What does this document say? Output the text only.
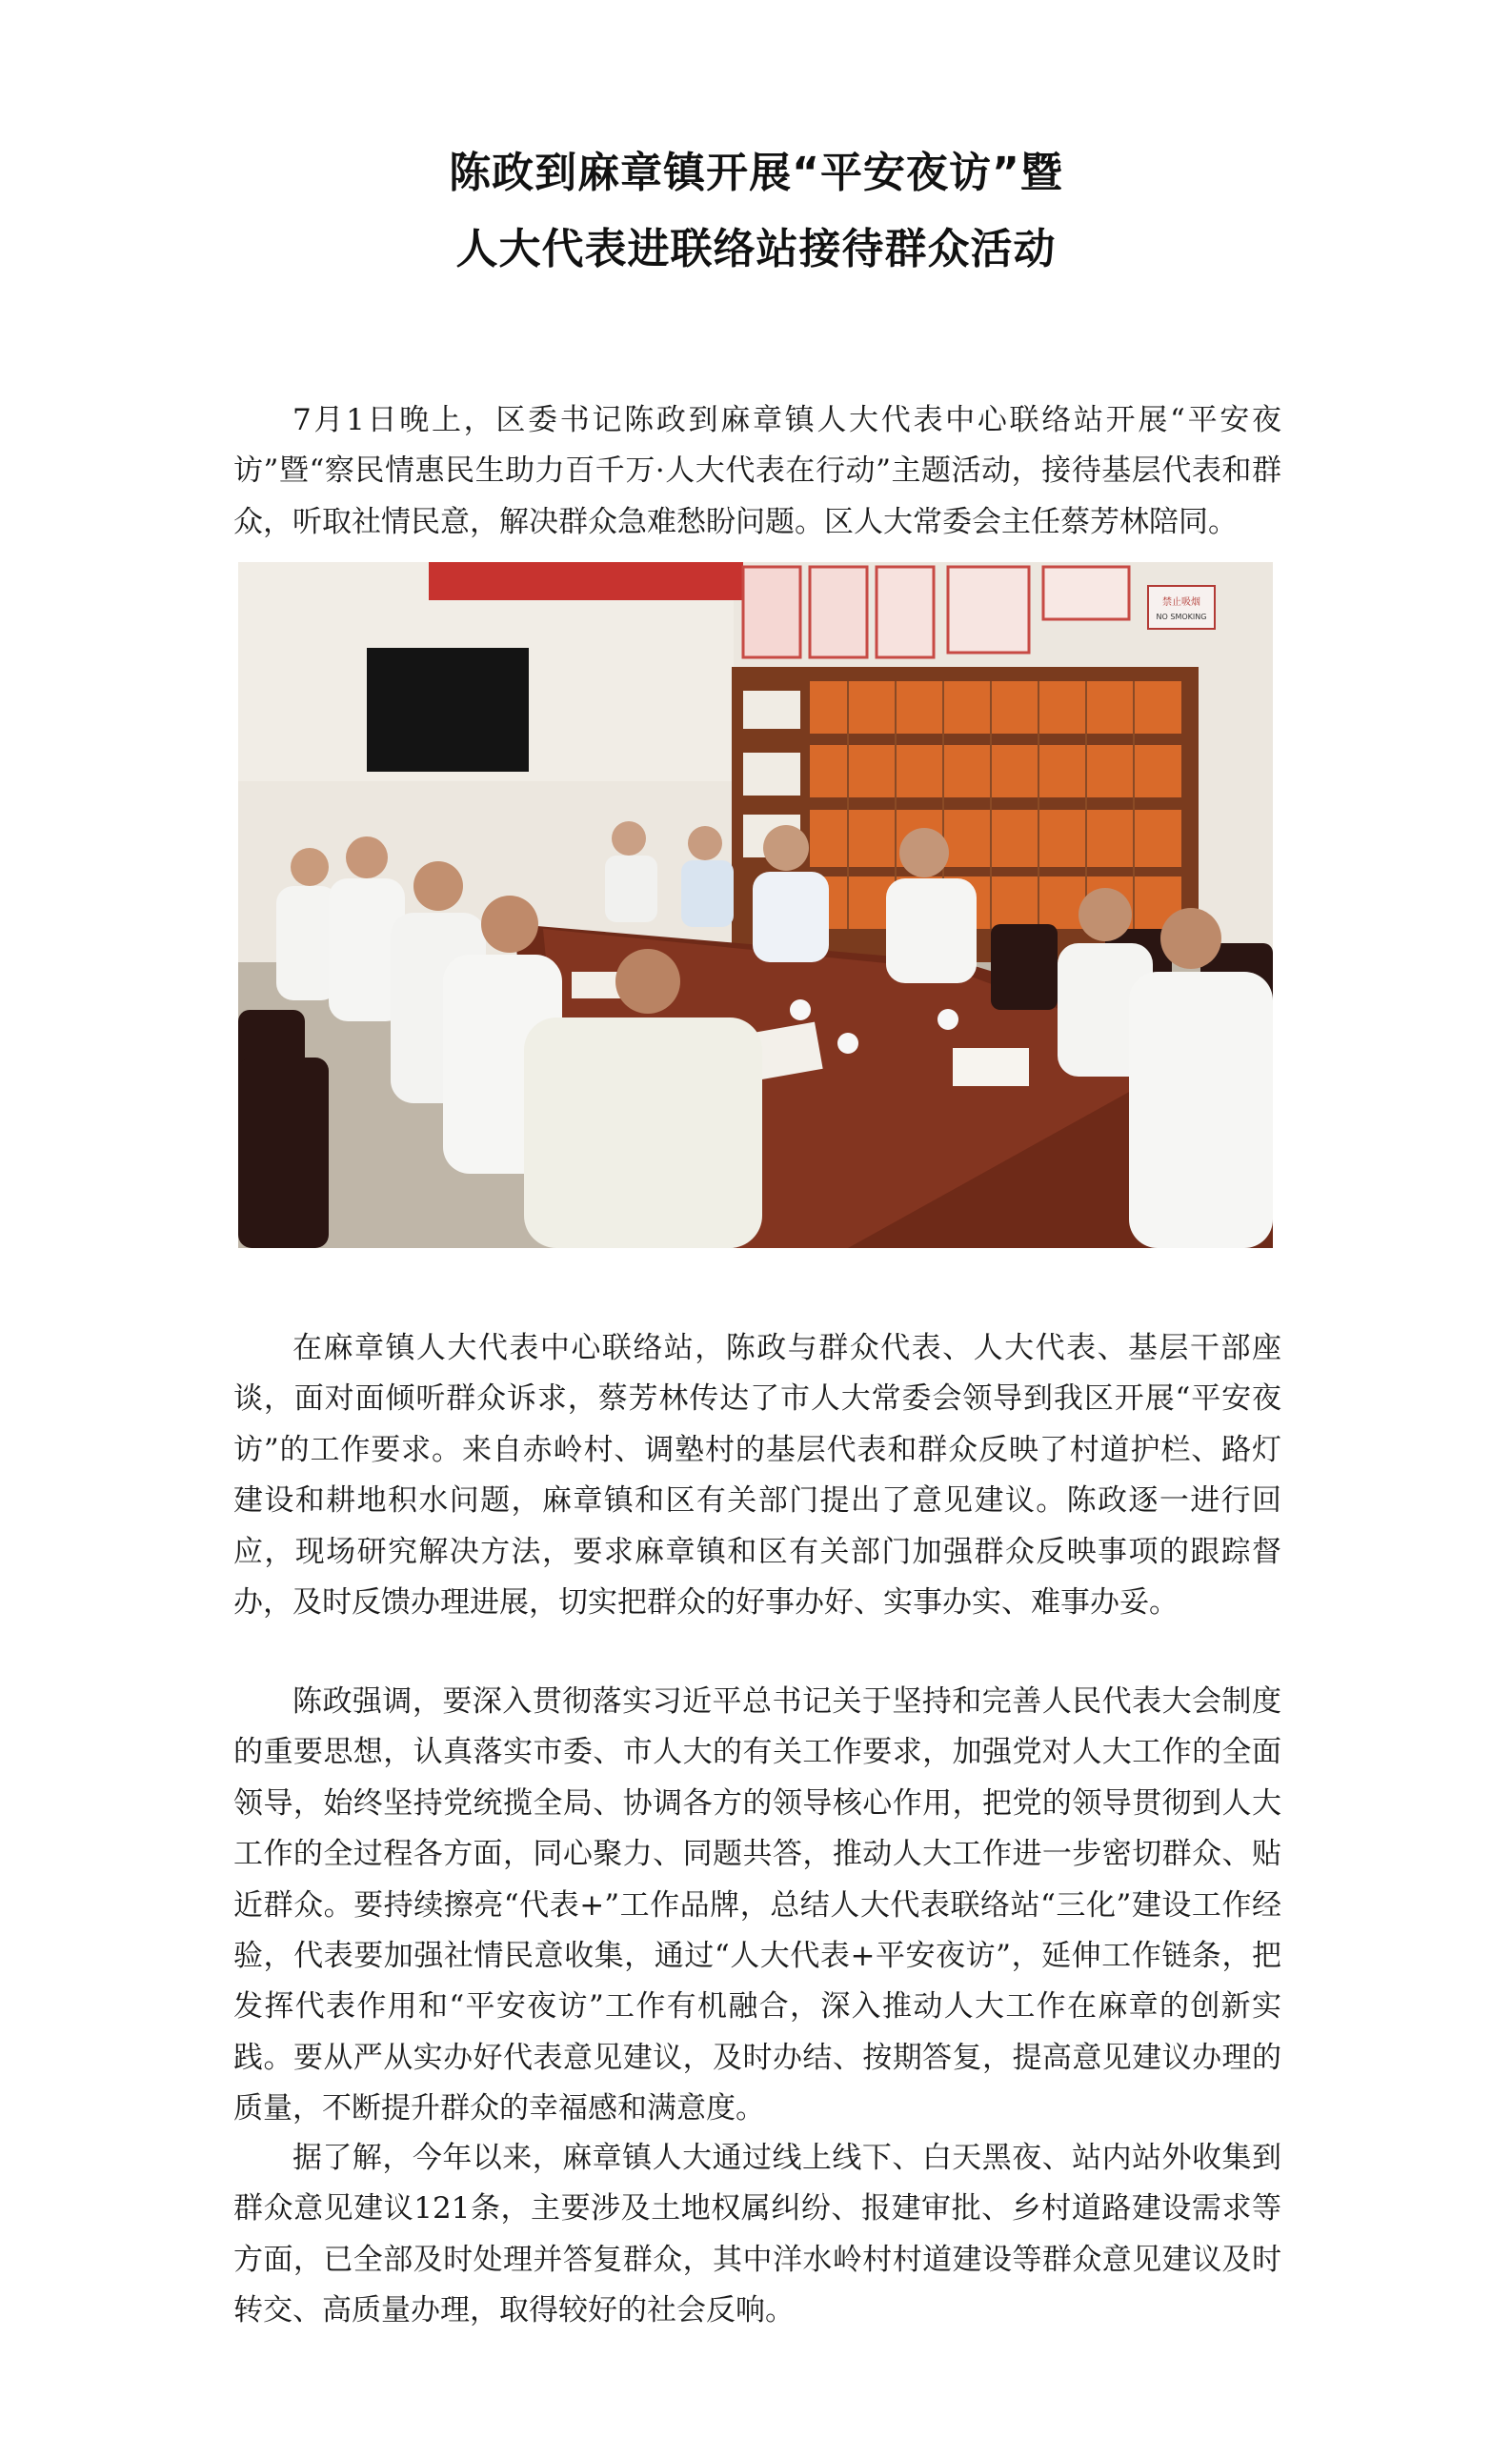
陈政到麻章镇开展“平安夜访”暨
人大代表进联络站接待群众活动

7月1日晚上，区委书记陈政到麻章镇人大代表中心联络站开展“平安夜访”暨“察民情惠民生助力百千万·人大代表在行动”主题活动，接待基层代表和群众，听取社情民意，解决群众急难愁盼问题。区人大常委会主任蔡芳林陪同。

禁止吸烟
NO SMOKING

在麻章镇人大代表中心联络站，陈政与群众代表、人大代表、基层干部座谈，面对面倾听群众诉求，蔡芳林传达了市人大常委会领导到我区开展“平安夜访”的工作要求。来自赤岭村、调塾村的基层代表和群众反映了村道护栏、路灯建设和耕地积水问题，麻章镇和区有关部门提出了意见建议。陈政逐一进行回应，现场研究解决方法，要求麻章镇和区有关部门加强群众反映事项的跟踪督办，及时反馈办理进展，切实把群众的好事办好、实事办实、难事办妥。

陈政强调，要深入贯彻落实习近平总书记关于坚持和完善人民代表大会制度的重要思想，认真落实市委、市人大的有关工作要求，加强党对人大工作的全面领导，始终坚持党统揽全局、协调各方的领导核心作用，把党的领导贯彻到人大工作的全过程各方面，同心聚力、同题共答，推动人大工作进一步密切群众、贴近群众。要持续擦亮“代表+”工作品牌，总结人大代表联络站“三化”建设工作经验，代表要加强社情民意收集，通过“人大代表+平安夜访”，延伸工作链条，把发挥代表作用和“平安夜访”工作有机融合，深入推动人大工作在麻章的创新实践。要从严从实办好代表意见建议，及时办结、按期答复，提高意见建议办理的质量，不断提升群众的幸福感和满意度。

据了解，今年以来，麻章镇人大通过线上线下、白天黑夜、站内站外收集到群众意见建议121条，主要涉及土地权属纠纷、报建审批、乡村道路建设需求等方面，已全部及时处理并答复群众，其中洋水岭村村道建设等群众意见建议及时转交、高质量办理，取得较好的社会反响。
